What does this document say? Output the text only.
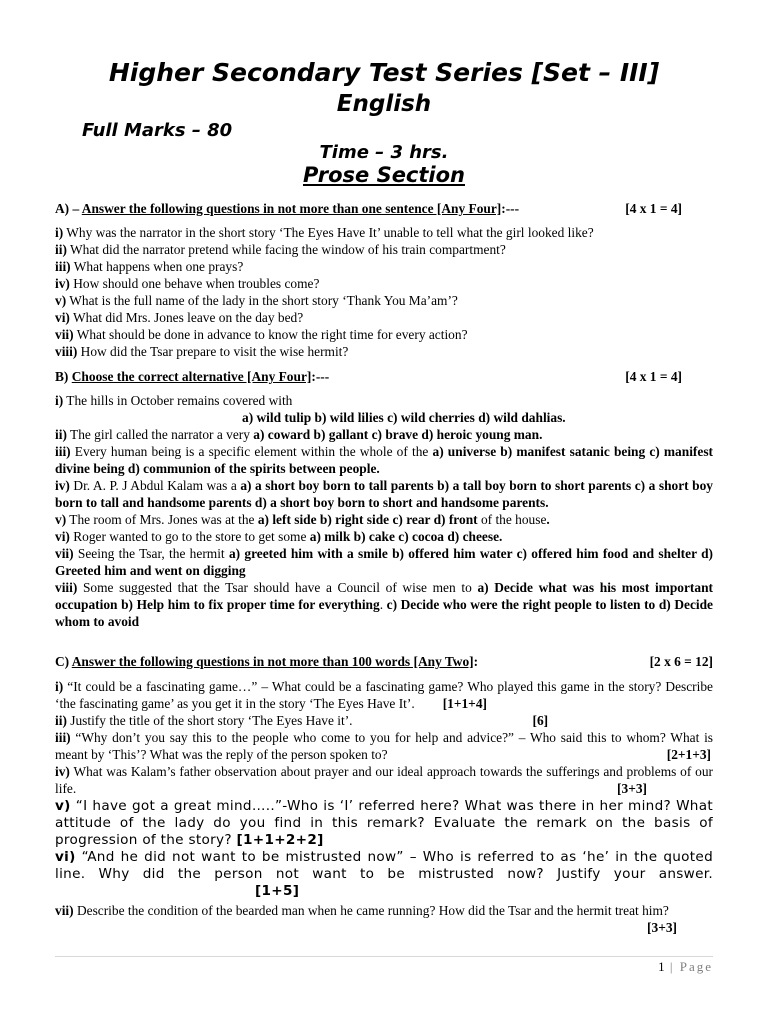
Higher Secondary Test Series [Set – III]
English
Full Marks – 80
Time – 3 hrs.
Prose Section
A) – Answer the following questions in not more than one sentence [Any Four]:---	[4 x 1 = 4]
i) Why was the narrator in the short story ‘The Eyes Have It’ unable to tell what the girl looked like?
ii) What did the narrator pretend while facing the window of his train compartment?
iii) What happens when one prays?
iv) How should one behave when troubles come?
v) What is the full name of the lady in the short story ‘Thank You Ma’am’?
vi) What did Mrs. Jones leave on the day bed?
vii) What should be done in advance to know the right time for every action?
viii) How did the Tsar prepare to visit the wise hermit?
B) Choose the correct alternative [Any Four]:---	[4 x 1 = 4]
i) The hills in October remains covered with
a) wild tulip b) wild lilies c) wild cherries d) wild dahlias.
ii) The girl called the narrator a very a) coward b) gallant c) brave d) heroic young man.
iii) Every human being is a specific element within the whole of the a) universe b) manifest satanic being c) manifest divine being d) communion of the spirits between people.
iv) Dr. A. P. J Abdul Kalam was a a) a short boy born to tall parents b) a tall boy born to short parents c) a short boy born to tall and handsome parents d) a short boy born to short and handsome parents.
v) The room of Mrs. Jones was at the a) left side b) right side c) rear d) front of the house.
vi) Roger wanted to go to the store to get some a) milk b) cake c) cocoa d) cheese.
vii) Seeing the Tsar, the hermit a) greeted him with a smile b) offered him water c) offered him food and shelter d) Greeted him and went on digging
viii) Some suggested that the Tsar should have a Council of wise men to a) Decide what was his most important occupation b) Help him to fix proper time for everything. c) Decide who were the right people to listen to d) Decide whom to avoid
C) Answer the following questions in not more than 100 words [Any Two]:	[2 x 6 = 12]
i) “It could be a fascinating game…” – What could be a fascinating game? Who played this game in the story? Describe ‘the fascinating game’ as you get it in the story ‘The Eyes Have It’. [1+1+4]
ii) Justify the title of the short story ‘The Eyes Have it’.	[6]
iii) “Why don’t you say this to the people who come to you for help and advice?” – Who said this to whom? What is meant by ‘This’? What was the reply of the person spoken to?	[2+1+3]
iv) What was Kalam’s father observation about prayer and our ideal approach towards the sufferings and problems of our life.	[3+3]
v) “I have got a great mind…..”-Who is ‘I’ referred here? What was there in her mind? What attitude of the lady do you find in this remark? Evaluate the remark on the basis of progression of the story? [1+1+2+2]
vi) “And he did not want to be mistrusted now” – Who is referred to as ‘he’ in the quoted line. Why did the person not want to be mistrusted now? Justify your answer.[1+5]
vii) Describe the condition of the bearded man when he came running? How did the Tsar and the hermit treat him?
[3+3]
1 | Page
